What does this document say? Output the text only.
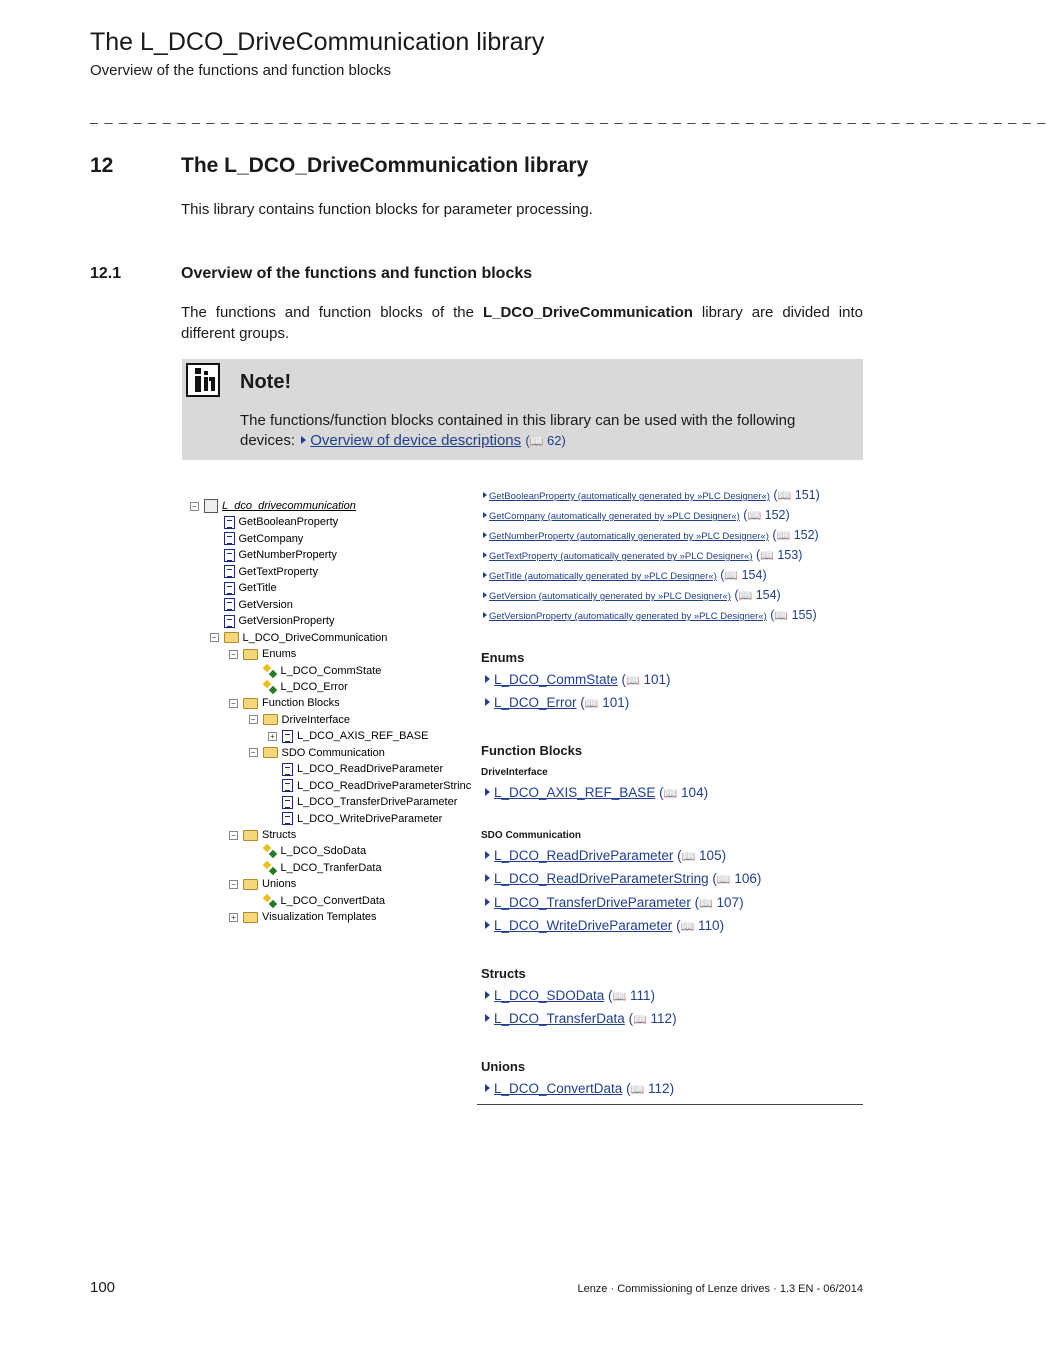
The L_DCO_DriveCommunication library
Overview of the functions and function blocks
_ _ _ _ _ _ _ _ _ _ _ _ _ _ _ _ _ _ _ _ _ _ _ _ _ _ _ _ _ _ _ _ _ _ _ _ _ _ _ _ _ _ _ _ _ _ _ _ _ _ _ _ _ _ _ _ _ _ _ _ _ _ _ _ _ _
12	The L_DCO_DriveCommunication library
This library contains function blocks for parameter processing.
12.1	Overview of the functions and function blocks
The functions and function blocks of the L_DCO_DriveCommunication library are divided into different groups.
Note!
The functions/function blocks contained in this library can be used with the following devices: Overview of device descriptions (📖 62)
− L_dco_drivecommunication
GetBooleanProperty
GetCompany
GetNumberProperty
GetTextProperty
GetTitle
GetVersion
GetVersionProperty
− L_DCO_DriveCommunication
− Enums
L_DCO_CommState
L_DCO_Error
− Function Blocks
− DriveInterface
+ L_DCO_AXIS_REF_BASE
− SDO Communication
L_DCO_ReadDriveParameter
L_DCO_ReadDriveParameterStrinc
L_DCO_TransferDriveParameter
L_DCO_WriteDriveParameter
− Structs
L_DCO_SdoData
L_DCO_TranferData
− Unions
L_DCO_ConvertData
+ Visualization Templates
GetBooleanProperty (automatically generated by »PLC Designer«) (📖 151)
GetCompany (automatically generated by »PLC Designer«) (📖 152)
GetNumberProperty (automatically generated by »PLC Designer«) (📖 152)
GetTextProperty (automatically generated by »PLC Designer«) (📖 153)
GetTitle (automatically generated by »PLC Designer«) (📖 154)
GetVersion (automatically generated by »PLC Designer«) (📖 154)
GetVersionProperty (automatically generated by »PLC Designer«) (📖 155)
Enums
L_DCO_CommState (📖 101)
L_DCO_Error (📖 101)
Function Blocks
DriveInterface
L_DCO_AXIS_REF_BASE (📖 104)
SDO Communication
L_DCO_ReadDriveParameter (📖 105)
L_DCO_ReadDriveParameterString (📖 106)
L_DCO_TransferDriveParameter (📖 107)
L_DCO_WriteDriveParameter (📖 110)
Structs
L_DCO_SDOData (📖 111)
L_DCO_TransferData (📖 112)
Unions
L_DCO_ConvertData (📖 112)
100	Lenze · Commissioning of Lenze drives · 1.3 EN - 06/2014
